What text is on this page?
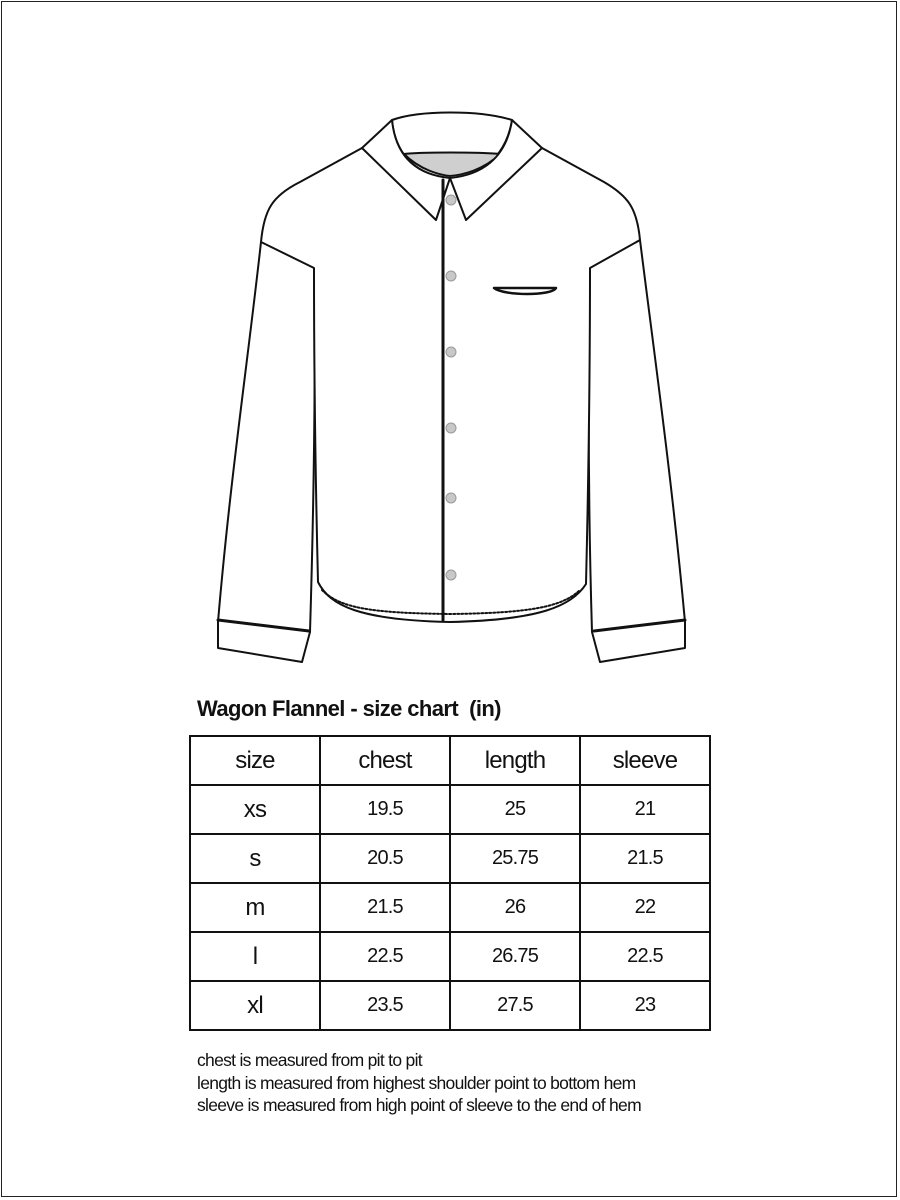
Wagon Flannel - size chart  (in)
size	chest	length	sleeve
xs	19.5	25	21
s	20.5	25.75	21.5
m	21.5	26	22
l	22.5	26.75	22.5
xl	23.5	27.5	23
chest is measured from pit to pit
length is measured from highest shoulder point to bottom hem
sleeve is measured from high point of sleeve to the end of hem
